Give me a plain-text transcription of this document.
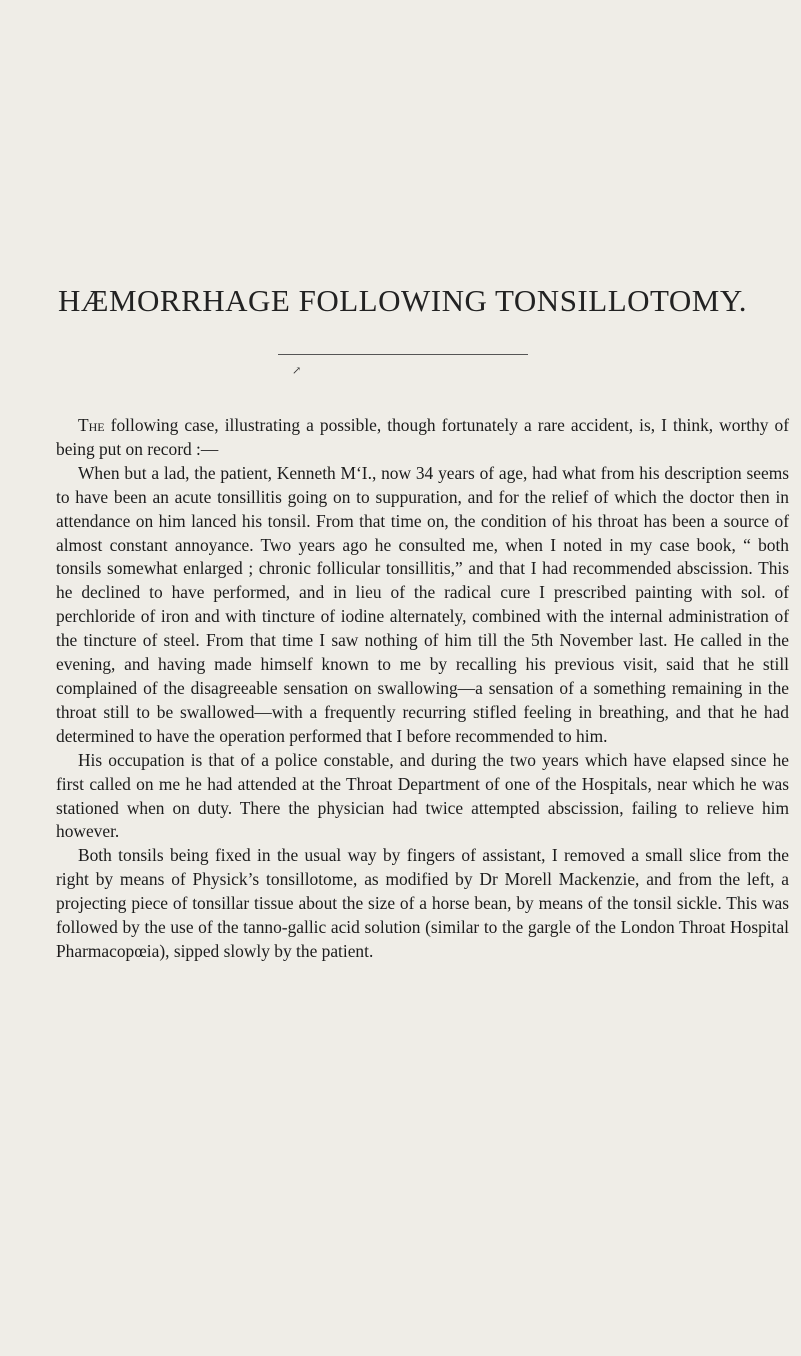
HÆMORRHAGE FOLLOWING TONSILLOTOMY.
↗

The following case, illustrating a possible, though fortunately a rare accident, is, I think, worthy of being put on record :—

When but a lad, the patient, Kenneth M‘I., now 34 years of age, had what from his description seems to have been an acute tonsillitis going on to suppuration, and for the relief of which the doctor then in attendance on him lanced his tonsil. From that time on, the condition of his throat has been a source of almost constant annoyance. Two years ago he consulted me, when I noted in my case book, “ both tonsils somewhat enlarged ; chronic follicular tonsillitis,” and that I had recommended abscission. This he declined to have performed, and in lieu of the radical cure I prescribed painting with sol. of perchloride of iron and with tincture of iodine alternately, combined with the internal administration of the tincture of steel. From that time I saw nothing of him till the 5th November last. He called in the evening, and having made himself known to me by recalling his previous visit, said that he still complained of the disagreeable sensation on swallowing—a sensation of a something remaining in the throat still to be swallowed—with a frequently recurring stifled feeling in breathing, and that he had determined to have the operation performed that I before recommended to him.

His occupation is that of a police constable, and during the two years which have elapsed since he first called on me he had attended at the Throat Department of one of the Hospitals, near which he was stationed when on duty. There the physician had twice attempted abscission, failing to relieve him however.

Both tonsils being fixed in the usual way by fingers of assistant, I removed a small slice from the right by means of Physick’s tonsillotome, as modified by Dr Morell Mackenzie, and from the left, a projecting piece of tonsillar tissue about the size of a horse bean, by means of the tonsil sickle. This was followed by the use of the tanno-gallic acid solution (similar to the gargle of the London Throat Hospital Pharmacopœia), sipped slowly by the patient.
